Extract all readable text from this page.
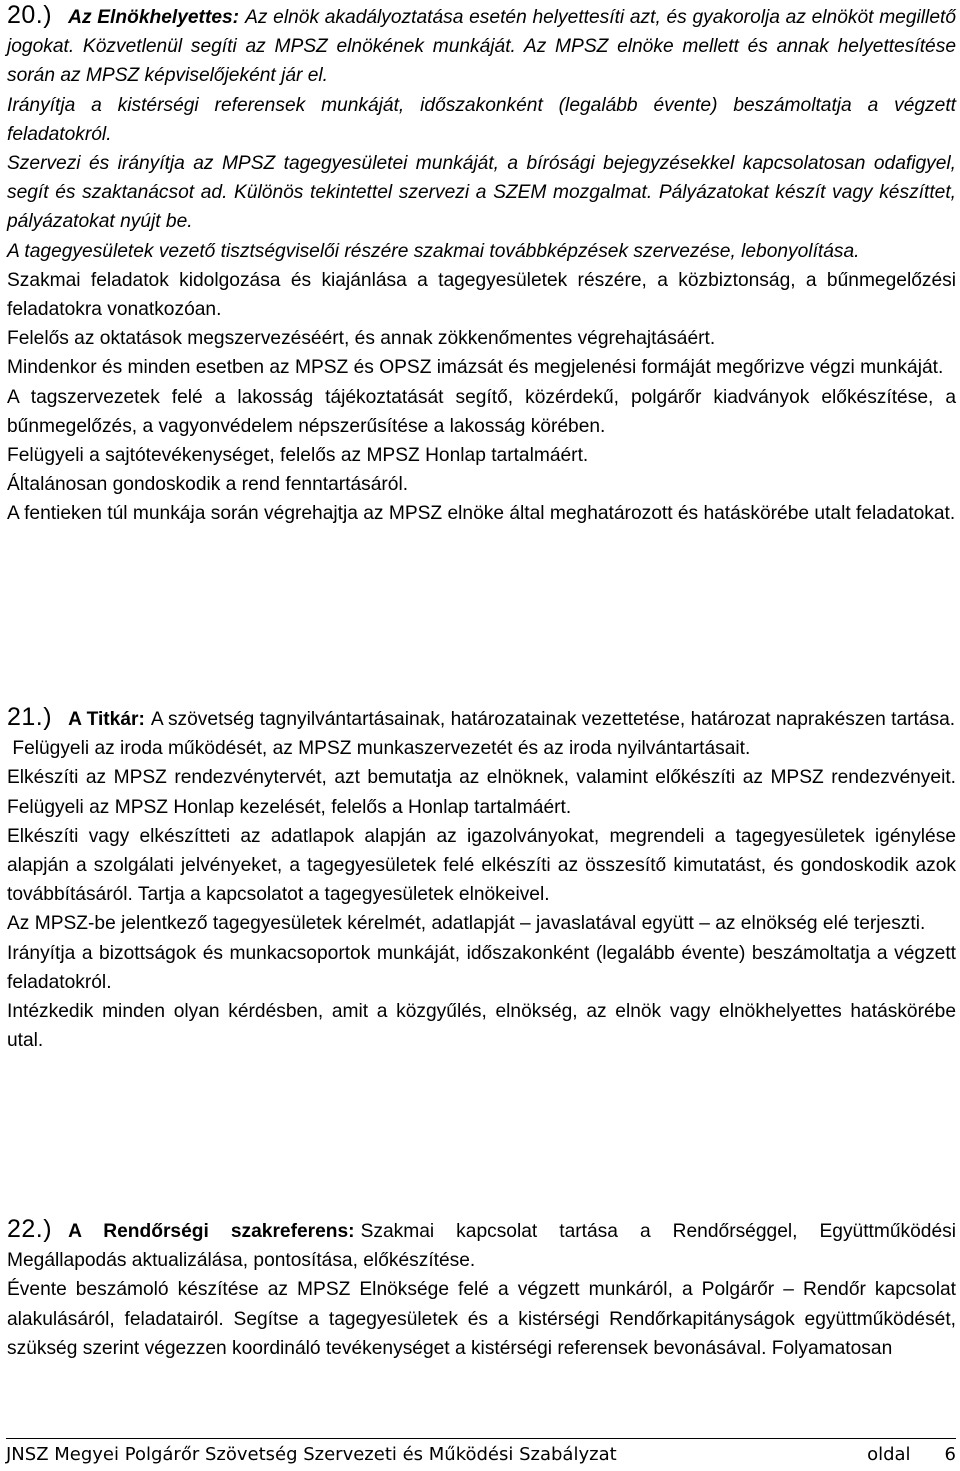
20.) Az Elnökhelyettes: Az elnök akadályoztatása esetén helyettesíti azt, és gyakorolja az elnököt megillető jogokat. Közvetlenül segíti az MPSZ elnökének munkáját. Az MPSZ elnöke mellett és annak helyettesítése során az MPSZ képviselőjeként jár el.

Irányítja a kistérségi referensek munkáját, időszakonként (legalább évente) beszámoltatja a végzett feladatokról.

Szervezi és irányítja az MPSZ tagegyesületei munkáját, a bírósági bejegyzésekkel kapcsolatosan odafigyel, segít és szaktanácsot ad. Különös tekintettel szervezi a SZEM mozgalmat. Pályázatokat készít vagy készíttet, pályázatokat nyújt be.

A tagegyesületek vezető tisztségviselői részére szakmai továbbképzések szervezése, lebonyolítása.

Szakmai feladatok kidolgozása és kiajánlása a tagegyesületek részére, a közbiztonság, a bűnmegelőzési feladatokra vonatkozóan.

Felelős az oktatások megszervezéséért, és annak zökkenőmentes végrehajtásáért.

Mindenkor és minden esetben az MPSZ és OPSZ imázsát és megjelenési formáját megőrizve végzi munkáját.

A tagszervezetek felé a lakosság tájékoztatását segítő, közérdekű, polgárőr kiadványok előkészítése, a bűnmegelőzés, a vagyonvédelem népszerűsítése a lakosság körében.

Felügyeli a sajtótevékenységet, felelős az MPSZ Honlap tartalmáért.

Általánosan gondoskodik a rend fenntartásáról.

A fentieken túl munkája során végrehajtja az MPSZ elnöke által meghatározott és hatáskörébe utalt feladatokat.

21.) A Titkár: A szövetség tagnyilvántartásainak, határozatainak vezettetése, határozat naprakészen tartása.

Felügyeli az iroda működését, az MPSZ munkaszervezetét és az iroda nyilvántartásait.

Elkészíti az MPSZ rendezvénytervét, azt bemutatja az elnöknek, valamint előkészíti az MPSZ rendezvényeit. Felügyeli az MPSZ Honlap kezelését, felelős a Honlap tartalmáért.

Elkészíti vagy elkészítteti az adatlapok alapján az igazolványokat, megrendeli a tagegyesületek igénylése alapján a szolgálati jelvényeket, a tagegyesületek felé elkészíti az összesítő kimutatást, és gondoskodik azok továbbításáról. Tartja a kapcsolatot a tagegyesületek elnökeivel.

Az MPSZ-be jelentkező tagegyesületek kérelmét, adatlapját – javaslatával együtt – az elnökség elé terjeszti.

Irányítja a bizottságok és munkacsoportok munkáját, időszakonként (legalább évente) beszámoltatja a végzett feladatokról.

Intézkedik minden olyan kérdésben, amit a közgyűlés, elnökség, az elnök vagy elnökhelyettes hatáskörébe utal.

22.) A Rendőrségi szakreferens: Szakmai kapcsolat tartása a Rendőrséggel, Együttműködési Megállapodás aktualizálása, pontosítása, előkészítése.

Évente beszámoló készítése az MPSZ Elnöksége felé a végzett munkáról, a Polgárőr – Rendőr kapcsolat alakulásáról, feladatairól. Segítse a tagegyesületek és a kistérségi Rendőrkapitányságok együttműködését, szükség szerint végezzen koordináló tevékenységet a kistérségi referensek bevonásával. Folyamatosan

JNSZ Megyei Polgárőr Szövetség Szervezeti és Működési Szabályzat	oldal 6
